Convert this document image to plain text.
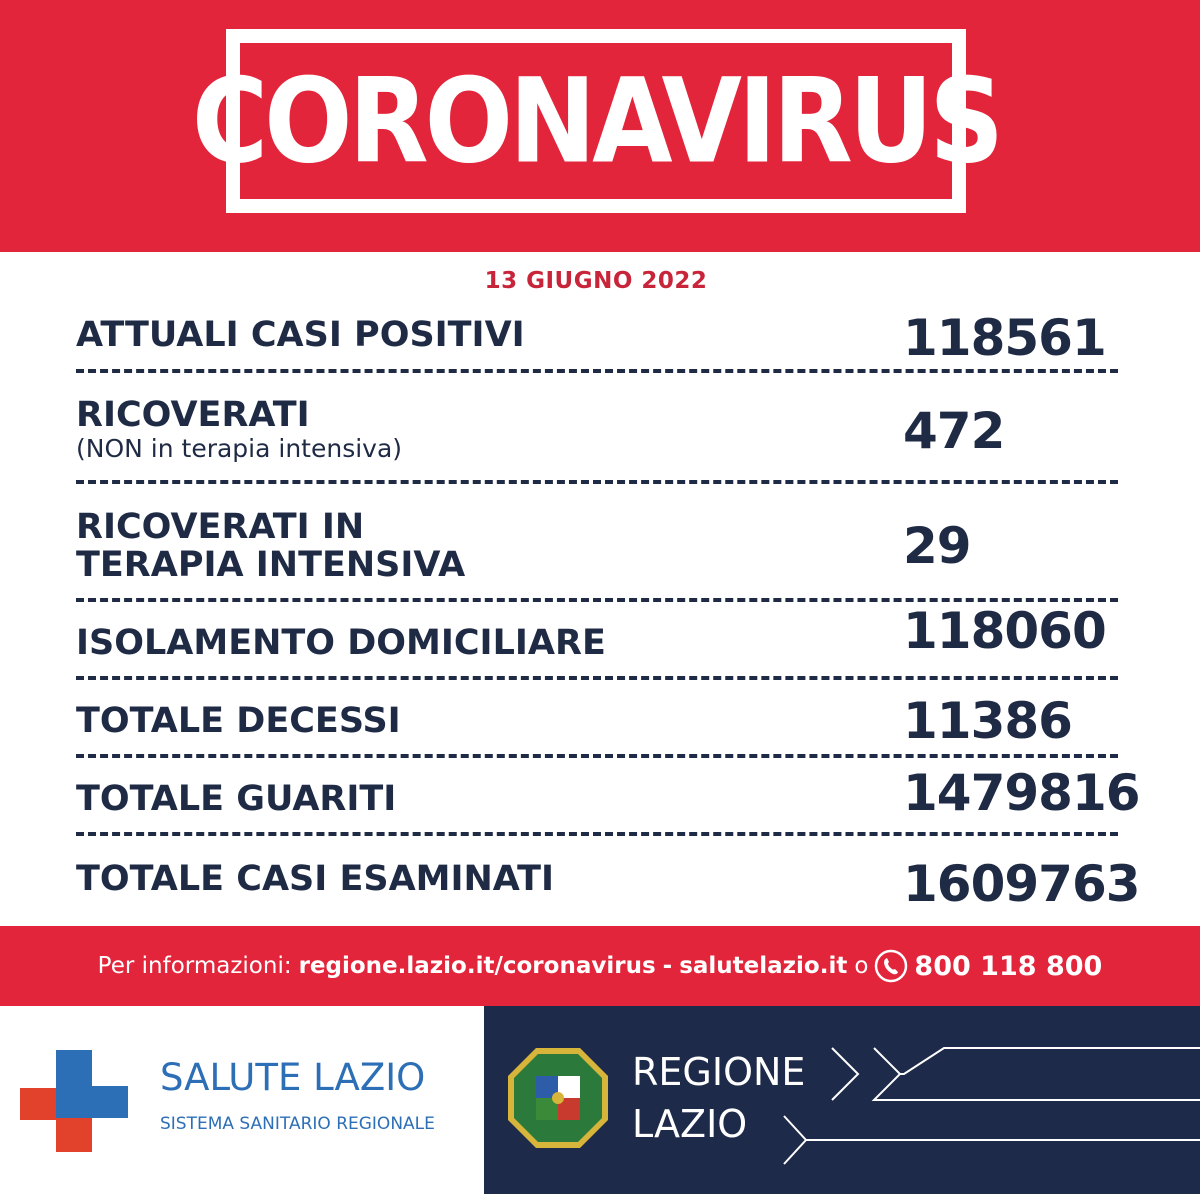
CORONAVIRUS
13 GIUGNO 2022
ATTUALI CASI POSITIVI	118561
RICOVERATI
(NON in terapia intensiva)	472
RICOVERATI IN
TERAPIA INTENSIVA	29
ISOLAMENTO DOMICILIARE	118060
TOTALE DECESSI	11386
TOTALE GUARITI	1479816
TOTALE CASI ESAMINATI	1609763
Per informazioni: regione.lazio.it/coronavirus - salutelazio.it o 800 118 800
SALUTE LAZIO
SISTEMA SANITARIO REGIONALE
REGIONE
LAZIO
